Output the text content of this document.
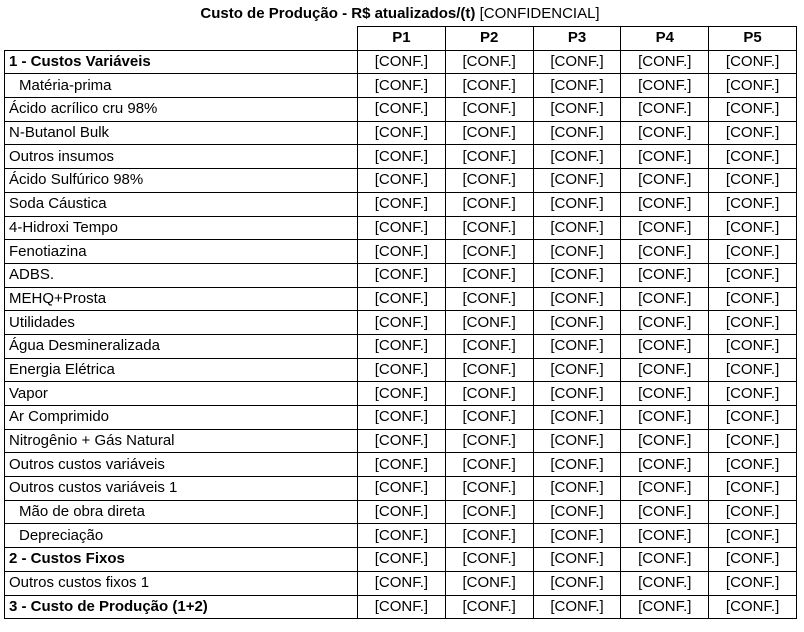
Custo de Produção - R$ atualizados/(t) [CONFIDENCIAL]
	P1	P2	P3	P4	P5
1 - Custos Variáveis	[CONF.]	[CONF.]	[CONF.]	[CONF.]	[CONF.]
Matéria-prima	[CONF.]	[CONF.]	[CONF.]	[CONF.]	[CONF.]
Ácido acrílico cru 98%	[CONF.]	[CONF.]	[CONF.]	[CONF.]	[CONF.]
N-Butanol Bulk	[CONF.]	[CONF.]	[CONF.]	[CONF.]	[CONF.]
Outros insumos	[CONF.]	[CONF.]	[CONF.]	[CONF.]	[CONF.]
Ácido Sulfúrico 98%	[CONF.]	[CONF.]	[CONF.]	[CONF.]	[CONF.]
Soda Cáustica	[CONF.]	[CONF.]	[CONF.]	[CONF.]	[CONF.]
4-Hidroxi Tempo	[CONF.]	[CONF.]	[CONF.]	[CONF.]	[CONF.]
Fenotiazina	[CONF.]	[CONF.]	[CONF.]	[CONF.]	[CONF.]
ADBS.	[CONF.]	[CONF.]	[CONF.]	[CONF.]	[CONF.]
MEHQ+Prosta	[CONF.]	[CONF.]	[CONF.]	[CONF.]	[CONF.]
Utilidades	[CONF.]	[CONF.]	[CONF.]	[CONF.]	[CONF.]
Água Desmineralizada	[CONF.]	[CONF.]	[CONF.]	[CONF.]	[CONF.]
Energia Elétrica	[CONF.]	[CONF.]	[CONF.]	[CONF.]	[CONF.]
Vapor	[CONF.]	[CONF.]	[CONF.]	[CONF.]	[CONF.]
Ar Comprimido	[CONF.]	[CONF.]	[CONF.]	[CONF.]	[CONF.]
Nitrogênio + Gás Natural	[CONF.]	[CONF.]	[CONF.]	[CONF.]	[CONF.]
Outros custos variáveis	[CONF.]	[CONF.]	[CONF.]	[CONF.]	[CONF.]
Outros custos variáveis 1	[CONF.]	[CONF.]	[CONF.]	[CONF.]	[CONF.]
Mão de obra direta	[CONF.]	[CONF.]	[CONF.]	[CONF.]	[CONF.]
Depreciação	[CONF.]	[CONF.]	[CONF.]	[CONF.]	[CONF.]
2 - Custos Fixos	[CONF.]	[CONF.]	[CONF.]	[CONF.]	[CONF.]
Outros custos fixos 1	[CONF.]	[CONF.]	[CONF.]	[CONF.]	[CONF.]
3 - Custo de Produção (1+2)	[CONF.]	[CONF.]	[CONF.]	[CONF.]	[CONF.]
